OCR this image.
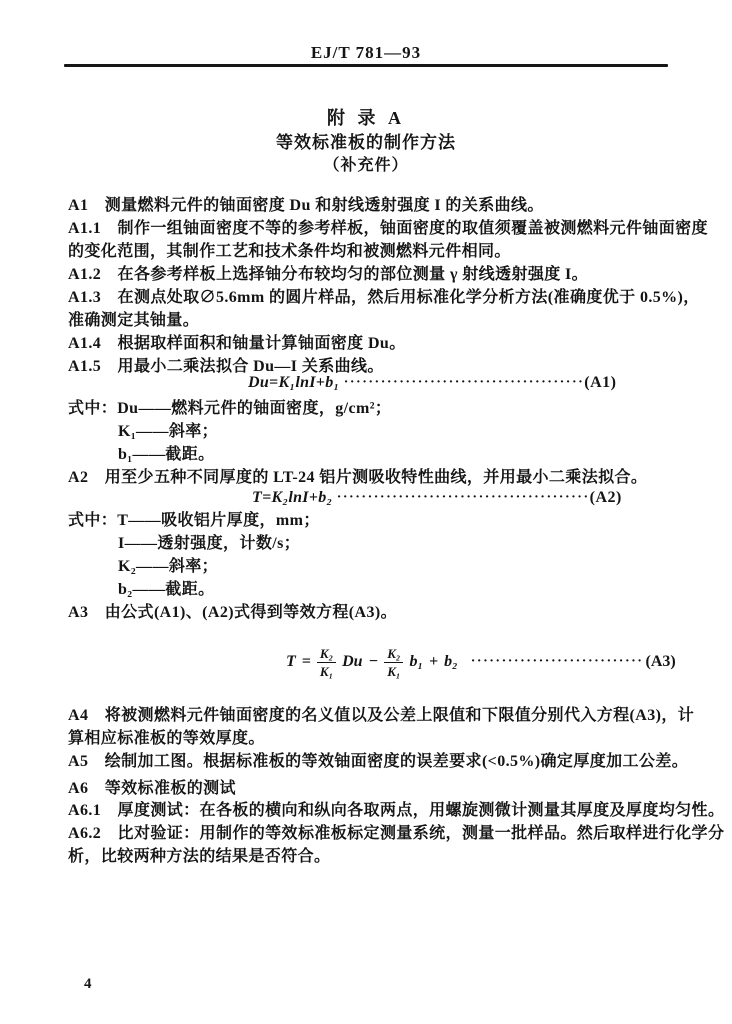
EJ/T 781—93
附 录 A
等效标准板的制作方法
（补充件）
A1　测量燃料元件的铀面密度 Du 和射线透射强度 I 的关系曲线。
A1.1　制作一组铀面密度不等的参考样板，铀面密度的取值须覆盖被测燃料元件铀面密度
的变化范围，其制作工艺和技术条件均和被测燃料元件相同。
A1.2　在各参考样板上选择铀分布较均匀的部位测量 γ 射线透射强度 I。
A1.3　在测点处取∅5.6mm 的圆片样品，然后用标准化学分析方法(准确度优于 0.5%)，
准确测定其铀量。
A1.4　根据取样面积和铀量计算铀面密度 Du。
A1.5　用最小二乘法拟合 Du—I 关系曲线。
Du=K₁lnI+b₁ ·······································(A1)
式中：Du——燃料元件的铀面密度，g/cm²；
K₁——斜率；
b₁——截距。
A2　用至少五种不同厚度的 LT-24 铝片测吸收特性曲线，并用最小二乘法拟合。
T=K₂lnI+b₂ ·········································(A2)
式中：T——吸收铝片厚度，mm；
I——透射强度，计数/s；
K₂——斜率；
b₂——截距。
A3　由公式(A1)、(A2)式得到等效方程(A3)。
$T = \frac{\text{K₂}}{\text{K₁}}$ $Du - \frac{\text{K₂}}{\text{K₁}} b_1 + b_2$ ···························· (A3)
A4　将被测燃料元件铀面密度的名义值以及公差上限值和下限值分别代入方程(A3)，计
算相应标准板的等效厚度。
A5　绘制加工图。根据标准板的等效铀面密度的误差要求(<0.5%)确定厚度加工公差。
A6　等效标准板的测试
A6.1　厚度测试：在各板的横向和纵向各取两点，用螺旋测微计测量其厚度及厚度均匀性。
A6.2　比对验证：用制作的等效标准板标定测量系统，测量一批样品。然后取样进行化学分
析，比较两种方法的结果是否符合。
4
